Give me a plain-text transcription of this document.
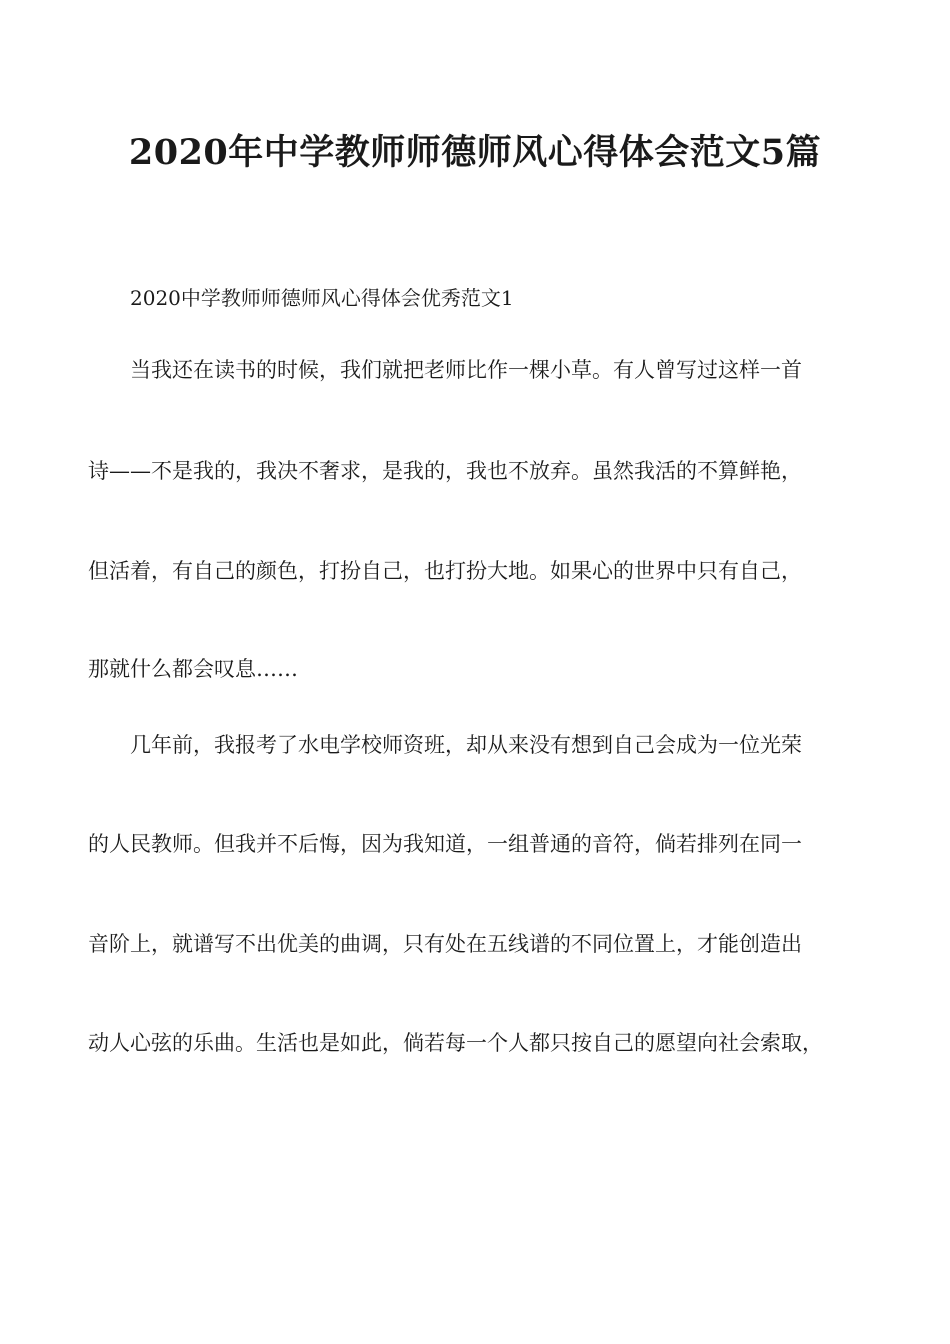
2020年中学教师师德师风心得体会范文5篇

2020中学教师师德师风心得体会优秀范文1

当我还在读书的时候，我们就把老师比作一棵小草。有人曾写过这样一首

诗——不是我的，我决不奢求，是我的，我也不放弃。虽然我活的不算鲜艳，

但活着，有自己的颜色，打扮自己，也打扮大地。如果心的世界中只有自己，

那就什么都会叹息……

几年前，我报考了水电学校师资班，却从来没有想到自己会成为一位光荣

的人民教师。但我并不后悔，因为我知道，一组普通的音符，倘若排列在同一

音阶上，就谱写不出优美的曲调，只有处在五线谱的不同位置上，才能创造出

动人心弦的乐曲。生活也是如此，倘若每一个人都只按自己的愿望向社会索取，
